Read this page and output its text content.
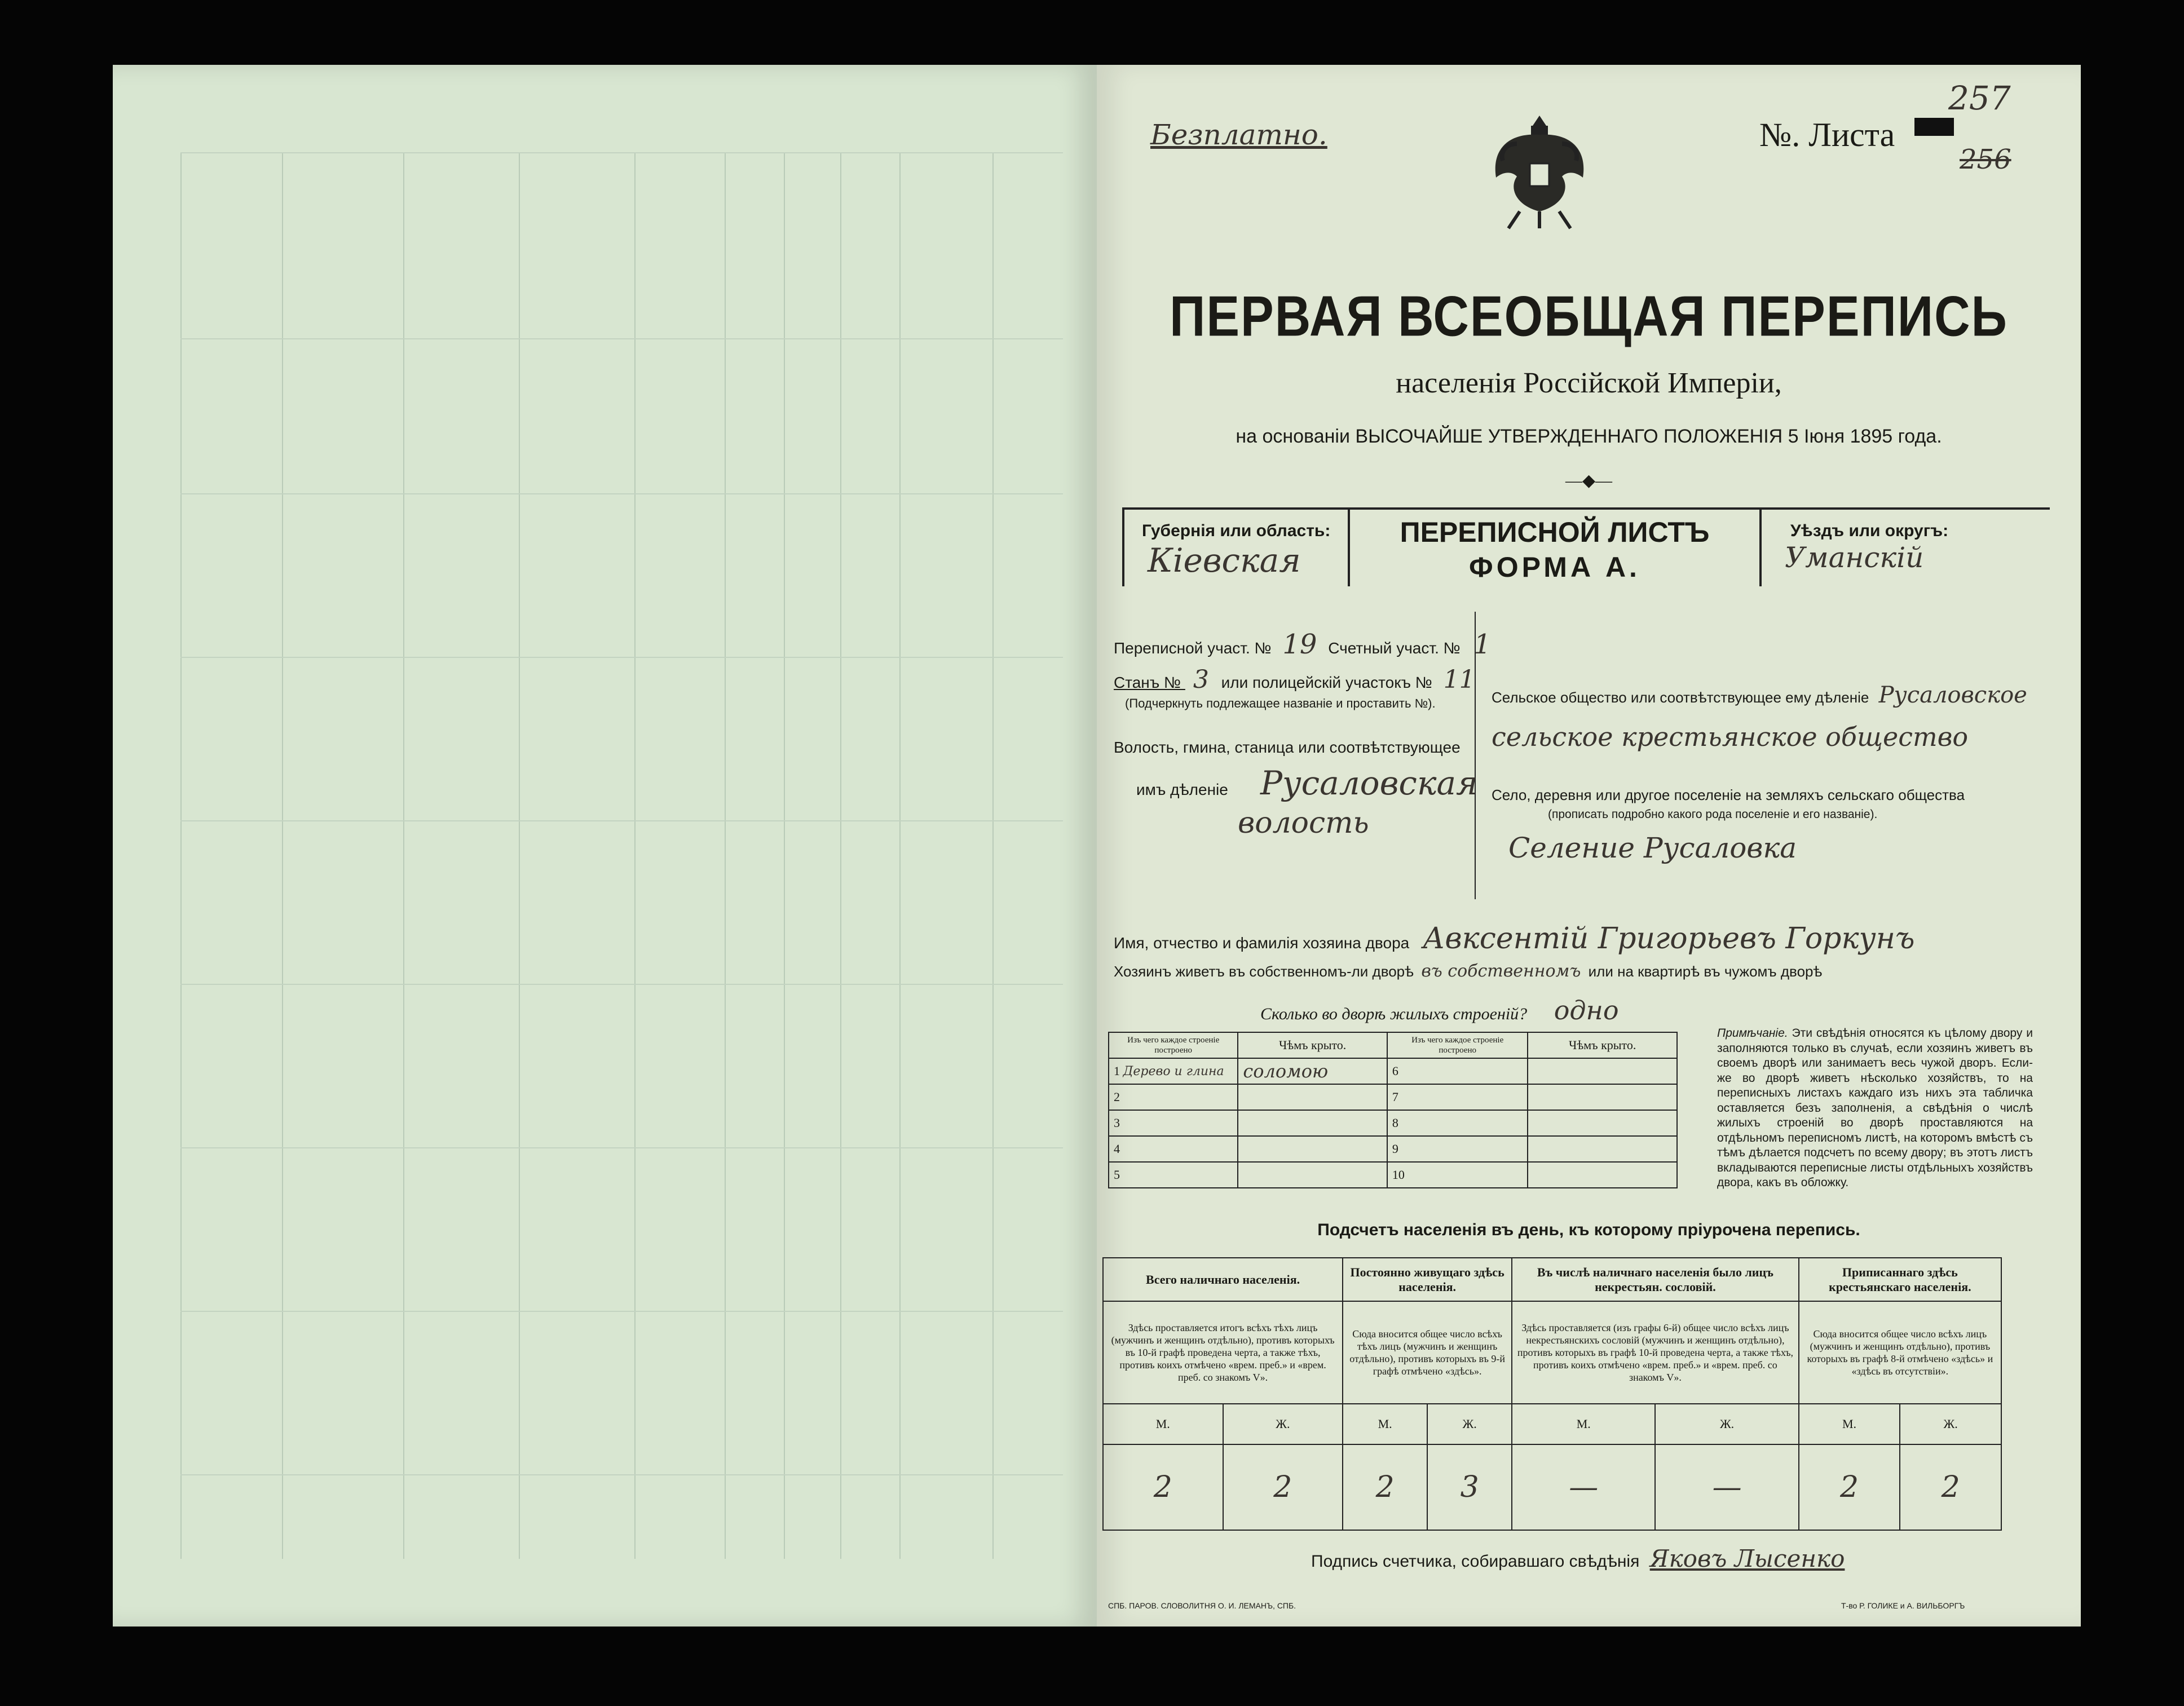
Безплатно.	№. Листа
257
256
ПЕРВАЯ ВСЕОБЩАЯ ПЕРЕПИСЬ
населенія Россійской Имперіи,
на основаніи ВЫСОЧАЙШЕ УТВЕРЖДЕННАГО ПОЛОЖЕНІЯ 5 Іюня 1895 года.
—◆—
Губернія или область:
Кіевская
ПЕРЕПИСНОЙ ЛИСТЪ
ФОРМА А.
Уѣздъ или округъ:
Уманскій
Переписной участ. № 19 Счетный участ. № 1
Станъ № 3 или полицейскій участокъ № 11
(Подчеркнуть подлежащее названіе и проставить №).
Волость, гмина, станица или соотвѣтствующее
имъ дѣленіе Русаловская
волость
Сельское общество или соотвѣтствующее ему дѣленіе Русаловское
сельское крестьянское общество
Село, деревня или другое поселеніе на земляхъ сельскаго общества
(прописать подробно какого рода поселеніе и его названіе).
Селение Русаловка
Имя, отчество и фамилія хозяина двора Авксентій Григорьевъ Горкунъ
Хозяинъ живетъ въ собственномъ-ли дворѣ въ собственномъ или на квартирѣ въ чужомъ дворѣ
Сколько во дворѣ жилыхъ строеній? одно
Изъ чего каждое строеніе построено	Чѣмъ крыто.	Изъ чего каждое строеніе построено	Чѣмъ крыто.
1 Дерево и глина	соломою	6	
2		7	
3		8	
4		9	
5		10	
Примѣчаніе. Эти свѣдѣнія относятся къ цѣлому двору и заполняются только въ случаѣ, если хозяинъ живетъ въ своемъ дворѣ или занимаетъ весь чужой дворъ. Если-же во дворѣ живетъ нѣсколько хозяйствъ, то на переписныхъ листахъ каждаго изъ нихъ эта табличка оставляется безъ заполненія, а свѣдѣнія о числѣ жилыхъ строеній во дворѣ проставляются на отдѣльномъ переписномъ листѣ, на которомъ вмѣстѣ съ тѣмъ дѣлается подсчетъ по всему двору; въ этотъ листъ вкладываются переписные листы отдѣльныхъ хозяйствъ двора, какъ въ обложку.
Подсчетъ населенія въ день, къ которому пріурочена перепись.
Всего наличнаго населенія.		Постоянно живущаго здѣсь населенія.		Въ числѣ наличнаго населенія было лицъ некрестьян. сословій.		Приписаннаго здѣсь крестьянскаго населенія.	
Здѣсь проставляется итогъ всѣхъ тѣхъ лицъ (мужчинъ и женщинъ отдѣльно), противъ которыхъ въ 10-й графѣ проведена черта, а также тѣхъ, противъ коихъ отмѣчено «врем. преб.» и «врем. преб. со знакомъ V».		Сюда вносится общее число всѣхъ тѣхъ лицъ (мужчинъ и женщинъ отдѣльно), противъ которыхъ въ 9-й графѣ отмѣчено «здѣсь».		Здѣсь проставляется (изъ графы 6-й) общее число всѣхъ лицъ некрестьянскихъ сословій (мужчинъ и женщинъ отдѣльно), противъ которыхъ въ графѣ 10-й проведена черта, а также тѣхъ, противъ коихъ отмѣчено «врем. преб.» и «врем. преб. со знакомъ V».		Сюда вносится общее число всѣхъ лицъ (мужчинъ и женщинъ отдѣльно), противъ которыхъ въ графѣ 8-й отмѣчено «здѣсь» и «здѣсь въ отсутствіи».	
М.	Ж.	М.	Ж.	М.	Ж.	М.	Ж.
2	2	2	3	—	—	2	2
Подпись счетчика, собиравшаго свѣдѣнія Яковъ Лысенко
СПБ. ПАРОВ. СЛОВОЛИТНЯ О. И. ЛЕМАНЪ, СПБ.	Т-во Р. ГОЛИКЕ и А. ВИЛЬБОРГЪ
